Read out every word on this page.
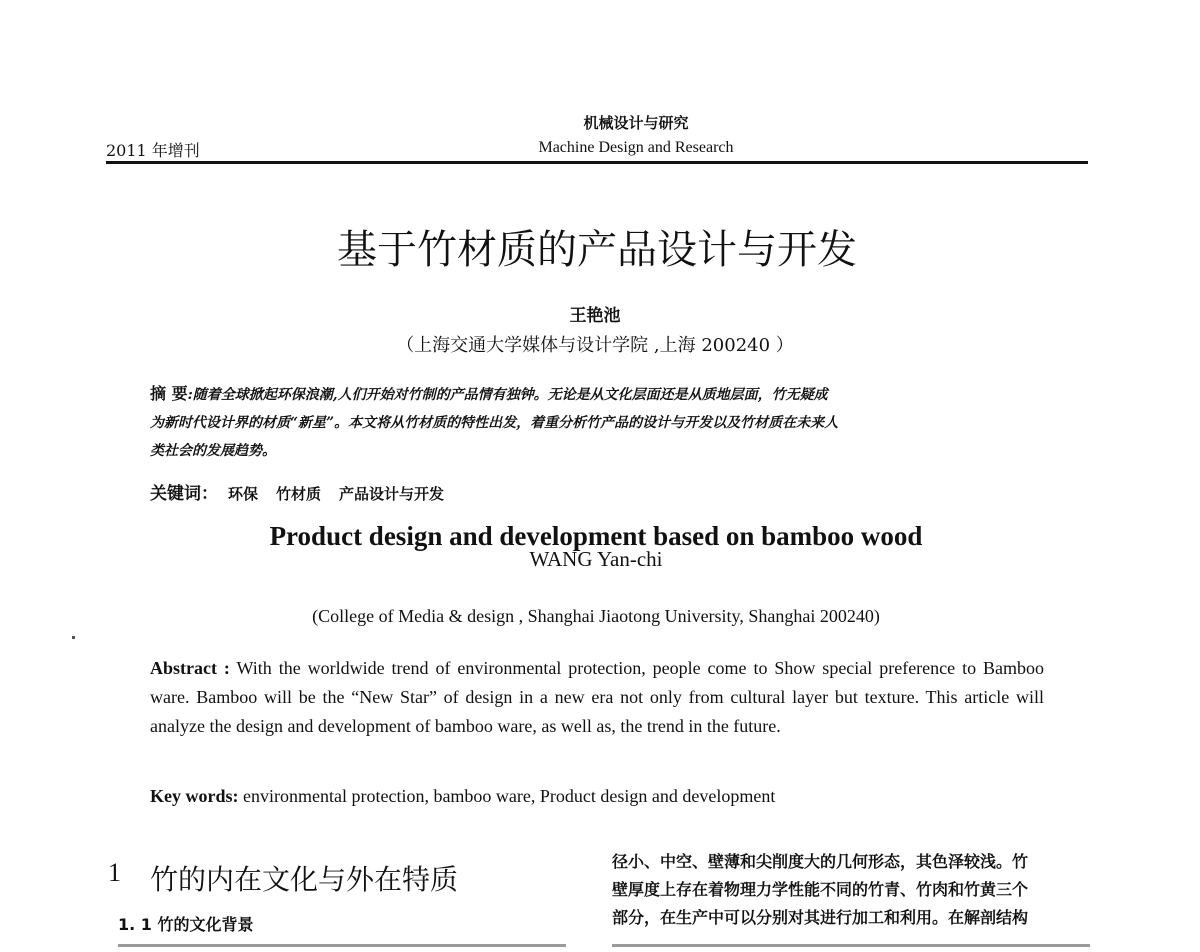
机械设计与研究
2011 年增刊	Machine Design and Research
基于竹材质的产品设计与开发
王艳池
（上海交通大学媒体与设计学院 ,上海 200240 ）
摘 要:随着全球掀起环保浪潮,人们开始对竹制的产品情有独钟。无论是从文化层面还是从质地层面，竹无疑成
为新时代设计界的材质“新星”。本文将从竹材质的特性出发，着重分析竹产品的设计与开发以及竹材质在未来人
类社会的发展趋势。
关键词： 环保 竹材质 产品设计与开发
Product design and development based on bamboo wood
WANG Yan-chi
(College of Media & design , Shanghai Jiaotong University, Shanghai 200240)
Abstract : With the worldwide trend of environmental protection, people come to Show special preference to Bamboo ware. Bamboo will be the “New Star” of design in a new era not only from cultural layer but texture. This article will analyze the design and development of bamboo ware, as well as, the trend in the future.
Key words: environmental protection, bamboo ware, Product design and development
1 竹的内在文化与外在特质
1. 1 竹的文化背景
径小、中空、壁薄和尖削度大的几何形态，其色泽较浅。竹
壁厚度上存在着物理力学性能不同的竹青、竹肉和竹黄三个
部分，在生产中可以分别对其进行加工和利用。在解剖结构
